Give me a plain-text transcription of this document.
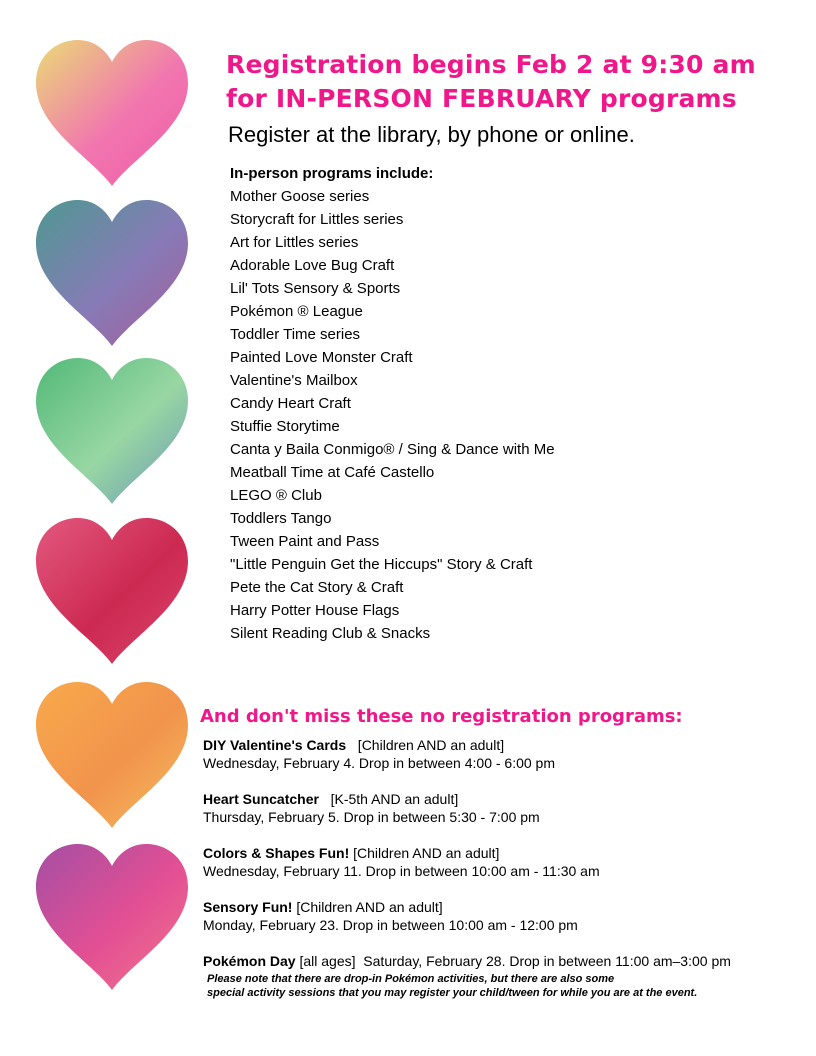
Registration begins Feb 2 at 9:30 am
for IN-PERSON FEBRUARY programs
Register at the library, by phone or online.
In-person programs include:
Mother Goose series
Storycraft for Littles series
Art for Littles series
Adorable Love Bug Craft
Lil' Tots Sensory & Sports
Pokémon ® League
Toddler Time series
Painted Love Monster Craft
Valentine's Mailbox
Candy Heart Craft
Stuffie Storytime
Canta y Baila Conmigo® / Sing & Dance with Me
Meatball Time at Café Castello
LEGO ® Club
Toddlers Tango
Tween Paint and Pass
"Little Penguin Get the Hiccups" Story & Craft
Pete the Cat Story & Craft
Harry Potter House Flags
Silent Reading Club & Snacks
And don't miss these no registration programs:
DIY Valentine's Cards   [Children AND an adult]
Wednesday, February 4. Drop in between 4:00 - 6:00 pm
Heart Suncatcher   [K-5th AND an adult]
Thursday, February 5. Drop in between 5:30 - 7:00 pm
Colors & Shapes Fun! [Children AND an adult]
Wednesday, February 11. Drop in between 10:00 am - 11:30 am
Sensory Fun! [Children AND an adult]
Monday, February 23. Drop in between 10:00 am - 12:00 pm
Pokémon Day [all ages]  Saturday, February 28. Drop in between 11:00 am–3:00 pm
Please note that there are drop-in Pokémon activities, but there are also some
special activity sessions that you may register your child/tween for while you are at the event.
